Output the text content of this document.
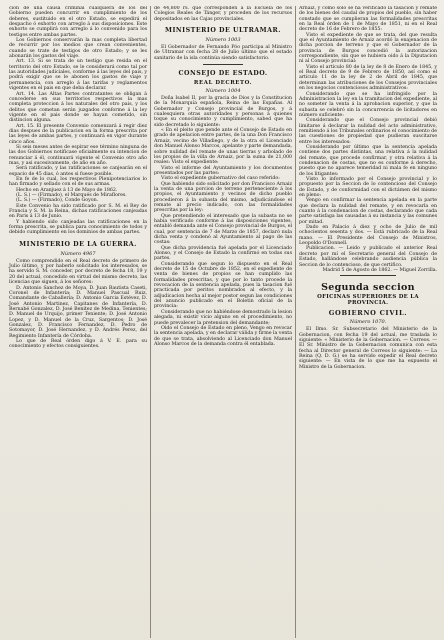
cion de una causa criminal cualquiera de los del Gobierno pueden concurrir en cumplimiento de los deberes, sustituido en el otro Estado, se espedirá el despacho ó exhorto con arreglo á sus disposiciones. Este exhorto se cumplirá con arreglo á lo convenido para los testigos entre ambas partes.

Los Gobiernos conservarán la mas completa libertad de recurrir por los medios que crean convenientes, cuando se trate de testigos de otro Estado; y se les abonarán los gastos del viaje.

Art. 13. Si se trata de un testigo que resida en el territorio del otro Estado, se le considerará como tal por las autoridades judiciales, conforme á las leyes del pais, y podrá exigir que se le abonen los gastos de viaje y permanencia, con arreglo á las tarifas y reglamentos vigentes en el pais en que deba declarar.

Art. 14. Las Altas Partes contratantes se obligan á concederse en sus territorios respectivos la mas completa proteccion á los naturales del otro pais, y los delitos que cometan serán juzgados conforme á la ley vigente en el pais donde se hayan cometido, sin distincion alguna.

Art. 15. El presente Convenio comenzará á regir diez dias despues de la publicacion en la forma prescrita por las leyes de ambas partes, y continuará en vigor durante cinco años.

Si seis meses antes de espirar ese término ninguna de las dos Gobiernos notificase oficialmente su intencion de renunciar á él, continuará vigente el Convenio otro año mas, y asi sucesivamente, de año en año.

Será ratificado, y las ratificaciones se canjearán en el espacio de 45 dias, ó antes si fuese posible.

En fe de lo cual, los respectivos Plenipotenciarios lo han firmado y sellado con el de sus armas.

Hecho en Aranjuez á 13 de Mayo de 1862.

(L. S.) — (Firmado), el Marqués de Miraflores.

(L. S.) — (Firmado), Conde Goyon.

Este Convenio ha sido ratificado por S. M. el Rey de Francia y S. M. la Reina, dichas ratificaciones canjeadas en Paris á 13 de Junio.

Y habiendo sido canjeadas las ratificaciones en la forma prescrita, se publica para conocimiento de todos y debido cumplimiento en los dominios de ambas partes.

MINISTERIO DE LA GUERRA.
Número 4967

Como comprendido en el Real decreto de primero de Julio último, y por haberlo solicitado los interesados, se ha servido S. M. conceder, por decreto de fecha 18, 19 y 20 del actual, concedido en virtud del mismo decreto, las licencias que siguen, á los señores:

D. Antonio Sanchez de Moya, D. Juan Bautista Caseti, Coronel de Infantería; D. Manuel Pascual Ruiz, Comandante de Caballería; D. Antonio Garcia Estévez, D. José Antonio Martinez, Capitanes de Infantería, D. Bernabé Gonzalez, D. José Benitez de Medina, Tenientes; D. Manuel de Urquijo, primer Teniente; D. José Antonio Lopez, y D. Manuel de la Cruz, Sargentos; D. José Gonzalez, D. Francisco Fernandez, D. Pedro de Sotomayor, D. José Hernandez, y D. Andrés Perez, del Regimiento Infantería de Córdoba.

Lo que de Real órden digo á V. E. para su conocimiento y efectos consiguientes.

de 44,800 rs. que corresponden á la Escuela de los Colegios Reales de Tánger, y proceden de los recursos depositados en las Cajas provinciales.

MINISTERIO DE ULTRAMAR.
Número 1003

El Gobernador de Fernando Póo participa al Ministro de Ultramar con fecha 28 de Julio último que el estado sanitario de la isla continúa siendo satisfactorio.

CONSEJO DE ESTADO.
REAL DECRETO.
Número 1004

Doña Isabel II, por la gracia de Dios y la Constitucion de la Monarquía española, Reina de las Españas. Al Gobernador y Consejo provincial de Burgos, y á cualesquiera otras autoridades y personas á quienes toque su conocimiento y cumplimiento, sabed que ha sido decretado lo siguiente:

« En el pleito que pende ante el Consejo de Estado en grado de apelacion entre partes, de la una Don Francisco Arnaiz, vecino de Villadiego, y de la otra el Licenciado don Manuel Alonso Marcos, apelante y parte demandada, sobre nulidad del remate de unas tierras y arbolado de los propios de la villa de Arnaiz, por la suma de 21,000 reales: Visto el expediente:

Visto el informe del Ayuntamiento y los documentos presentados por las partes:

Visto el expediente gubernativo del caso referido:

Que habiendo sido solicitado por don Francisco Arnaiz la venta de una porcion de terreno perteneciente á los propios, el Ayuntamiento y vecinos de dicho pueblo procedieron á la subasta del mismo, adjudicándose el remate al precio indicado, con las formalidades prescritas por la ley:

Que pretendiendo el interesado que la subasta no se habia verificado conforme á las disposiciones vigentes, entabló demanda ante el Consejo provincial de Burgos, el cual, por sentencia de 7 de Marzo de 1857, declaró nula dicha venta y condenó al Ayuntamiento al pago de las costas:

Que dicha providencia fué apelada por el Licenciado Alonso, y el Consejo de Estado la confirmó en todas sus partes.

Considerando que segun lo dispuesto en el Real decreto de 15 de Octubre de 1852, en el expediente de venta de bienes de propios se han cumplido las formalidades prescritas, y que por lo tanto procede la revocacion de la sentencia apelada, pues la tasacion fué practicada por peritos nombrados al efecto, y la adjudicacion hecha al mejor postor segun las condiciones del anuncio publicado en el Boletin oficial de la provincia:

Considerando que no habiéndose demostrado la lesion alegada, ni existir vicio alguno en el procedimiento, no puede prevalecer la pretension del demandante;

Oido el Consejo de Estado en pleno, Vengo en revocar la sentencia apelada, y en declarar válida y firme la venta de que se trata, absolviendo al Licenciado don Manuel Alonso Marcos de la demanda contra él entablada.

Arnaiz, y como solo se ha verificado la tasacion y remate de los bienes del caudal de propios del pueblo, sin haber constado que se cumplieran las formalidades prescritas en la Real órden de 1 de Mayo de 1851, ni en el Real decreto de 16 de Febrero de 1855:

Visto el expediente de que se trata, del que resulta que el Ayuntamiento de Arnaiz acordó la enajenacion de dicha porcion de terreno y que el Gobernador de la provincia de Burgos concedió la autorizacion correspondiente, sin que se hubiera oido á la Diputacion ni al Consejo provincial:

Visto el artículo 80 de la ley de 8 de Enero de 1845, y el Real decreto de 9 de Febrero de 1850, así como el artículo 11 de la ley de 2 de Abril de 1845, que determinan las atribuciones de los Consejos provinciales en los negocios contenciosos administrativos:

Considerando que se ha infringido por la Administracion la ley en la tramitacion del expediente, al no someter la venta á la aprobacion superior, y que la subasta se celebró sin la concurrencia de licitadores en número suficiente:

Considerando que el Consejo provincial debió limitarse á declarar la nulidad del acto administrativo, remitiendo á los Tribunales ordinarios el conocimiento de las cuestiones de propiedad que pudieran suscitarse entre los interesados:

Considerando por último que la sentencia apelada contiene dos partes distintas, una relativa á la nulidad del remate, que procede confirmar, y otra relativa á la condenacion de costas, que no es conforme á derecho, puesto que no aparece temeridad ni mala fe en ninguno de los litigantes:

Visto lo informado por el Consejo provincial y lo propuesto por la Seccion de lo contencioso del Consejo de Estado, y de conformidad con el dictámen del mismo en pleno:

Vengo en confirmar la sentencia apelada en la parte que declara la nulidad del remate, y en revocarla en cuanto á la condenacion de costas, declarando que cada parte satisfaga las causadas á su instancia y las comunes por mitad.

Dado en Palacio á diez y ocho de Julio de mil ochocientos sesenta y dos. — Está rubricado de la Real mano. — El Presidente del Consejo de Ministros, Leopoldo O'Donnell.

Publicacion. — Leido y publicado el anterior Real decreto por mí el Secretario general del Consejo de Estado, hallándose celebrando audiencia pública la Seccion de lo contencioso, de que certifico.

Madrid 5 de Agosto de 1862. — Miguel Zorrilla.

Segunda seccion
OFICINAS SUPERIORES DE LA PROVINCIA.
GOBIERNO CIVIL.
Número 1070.

El Ilmo. Sr. Subsecretario del Ministerio de la Gobernacion, con fecha 19 del actual, me traslada lo siguiente: « Ministerio de la Gobernacion. — Correos. — El Sr. Ministro de la Gobernacion comunica con esta fecha al Director general de Correos lo siguiente: — La Reina (Q. D. G.) se ha servido expedir el Real decreto siguiente: — En vista de lo que me ha expuesto el Ministro de la Gobernacion.
